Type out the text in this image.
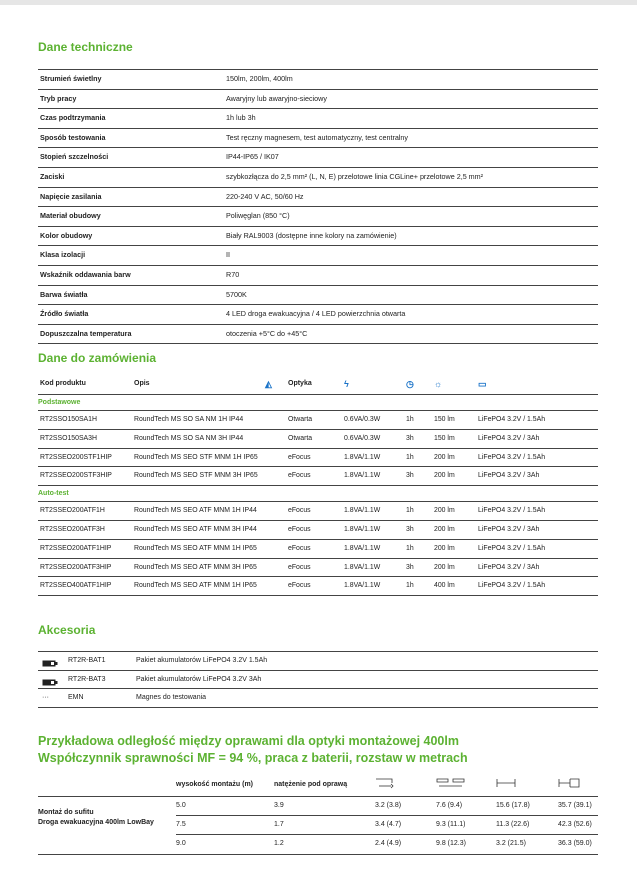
Dane techniczne
Strumień świetlny	150lm, 200lm, 400lm
Tryb pracy	Awaryjny lub awaryjno-sieciowy
Czas podtrzymania	1h lub 3h
Sposób testowania	Test ręczny magnesem, test automatyczny, test centralny
Stopień szczelności	IP44-IP65 / IK07
Zaciski	szybkozłącza do 2,5 mm² (L, N, E) przelotowe linia CGLine+ przelotowe 2,5 mm²
Napięcie zasilania	220-240 V AC, 50/60 Hz
Materiał obudowy	Poliwęglan (850 °C)
Kolor obudowy	Biały RAL9003 (dostępne inne kolory na zamówienie)
Klasa izolacji	II
Wskaźnik oddawania barw	R70
Barwa światła	5700K
Źródło światła	4 LED droga ewakuacyjna / 4 LED powierzchnia otwarta
Dopuszczalna temperatura	otoczenia +5°C do +45°C
Dane do zamówienia
Kod produktu	Opis	◭ Optyka	ϟ	◷ ☼	▭
Podstawowe
RT2SSO150SA1H	RoundTech MS SO SA NM 1H IP44	Otwarta	0.6VA/0.3W	1h	150 lm	LiFePO4 3.2V / 1.5Ah
RT2SSO150SA3H	RoundTech MS SO SA NM 3H IP44	Otwarta	0.6VA/0.3W	3h	150 lm	LiFePO4 3.2V / 3Ah
RT2SSEO200STF1HIP	RoundTech MS SEO STF MNM 1H IP65	eFocus	1.8VA/1.1W	1h	200 lm	LiFePO4 3.2V / 1.5Ah
RT2SSEO200STF3HIP	RoundTech MS SEO STF MNM 3H IP65	eFocus	1.8VA/1.1W	3h	200 lm	LiFePO4 3.2V / 3Ah
Auto-test
RT2SSEO200ATF1H	RoundTech MS SEO ATF MNM 1H IP44	eFocus	1.8VA/1.1W	1h	200 lm	LiFePO4 3.2V / 1.5Ah
RT2SSEO200ATF3H	RoundTech MS SEO ATF MNM 3H IP44	eFocus	1.8VA/1.1W	3h	200 lm	LiFePO4 3.2V / 3Ah
RT2SSEO200ATF1HIP	RoundTech MS SEO ATF MNM 1H IP65	eFocus	1.8VA/1.1W	1h	200 lm	LiFePO4 3.2V / 1.5Ah
RT2SSEO200ATF3HIP	RoundTech MS SEO ATF MNM 3H IP65	eFocus	1.8VA/1.1W	3h	200 lm	LiFePO4 3.2V / 3Ah
RT2SSEO400ATF1HIP	RoundTech MS SEO ATF MNM 1H IP65	eFocus	1.8VA/1.1W	1h	400 lm	LiFePO4 3.2V / 1.5Ah
Akcesoria
RT2R-BAT1	Pakiet akumulatorów LiFePO4 3.2V 1.5Ah
RT2R-BAT3	Pakiet akumulatorów LiFePO4 3.2V 3Ah
···	EMN	Magnes do testowania
Przykładowa odległość między oprawami dla optyki montażowej 400lm
Współczynnik sprawności MF = 94 %, praca z baterii, rozstaw w metrach
wysokość montażu (m)	natężenie pod oprawą
Montaż do sufitu
Droga ewakuacyjna 400lm LowBay
5.0	3.9	3.2 (3.8)	7.6 (9.4)	15.6 (17.8)	35.7 (39.1)
7.5	1.7	3.4 (4.7)	9.3 (11.1)	11.3 (22.6)	42.3 (52.6)
9.0	1.2	2.4 (4.9)	9.8 (12.3)	3.2 (21.5)	36.3 (59.0)
